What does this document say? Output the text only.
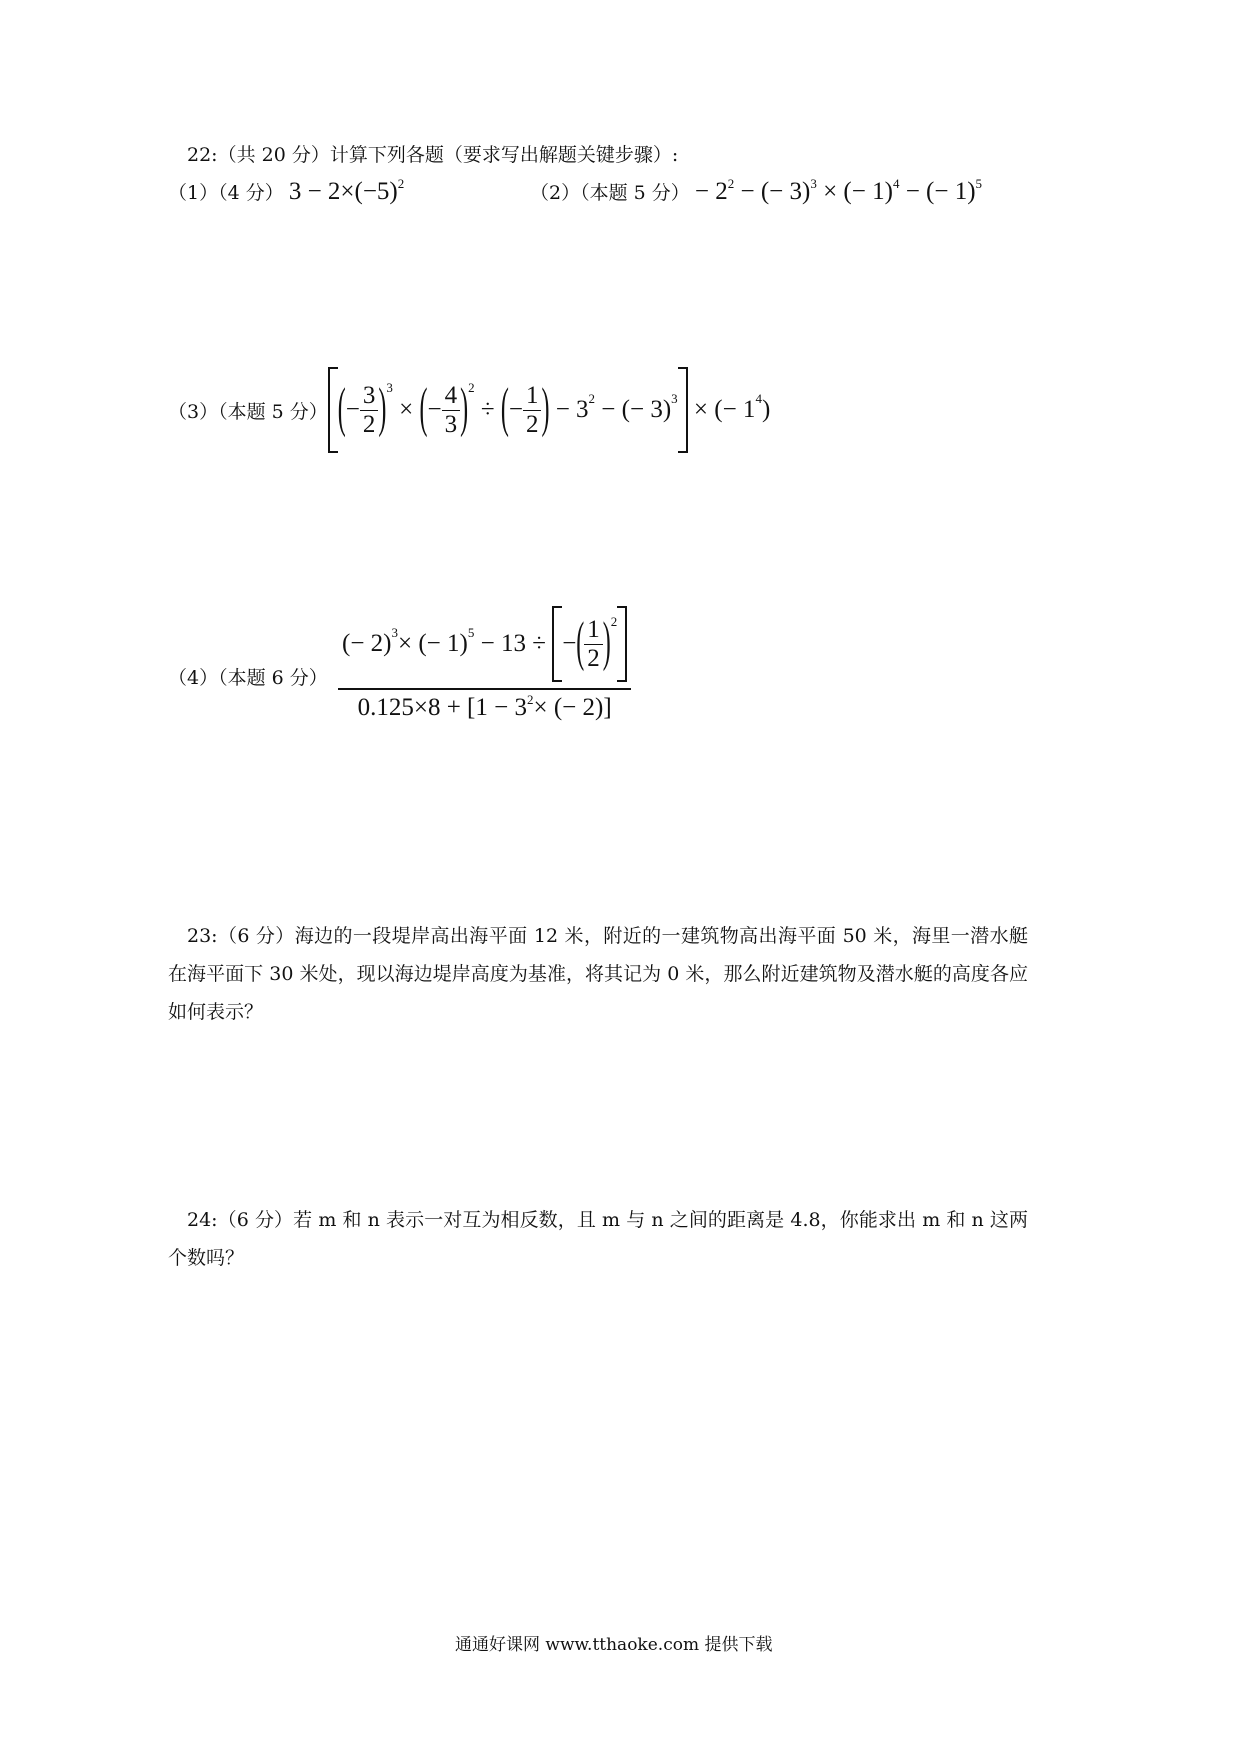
22:（共 20 分）计算下列各题（要求写出解题关键步骤）:
（1）（4 分） $3 - 2\times(-5)^2$	（2）（本题 5 分） − $2^2$ − (− 3)$^3$ × (− 1)$^4$ − (− 1)$^5$
（3）（本题 5 分） ( − $\frac{3}{2} )^3$
× ( − $\frac{4}{3} )^2$
÷ ( − $\frac{1}{2}$ )
− $3^2$
− (− 3)$^3$
× (− $1^4$ )
（4）（本题 6 分） (− 2)$^3$ × (− 1)$^5$
− 13 ÷
− ( $\frac{1}{2} )^2$
$0.125\times 8 + [1 - 3^2\times$ (− 2)]
23:（6 分）海边的一段堤岸高出海平面 12 米，附近的一建筑物高出海平面 50 米，海里一潜水艇在海平面下 30 米处，现以海边堤岸高度为基准，将其记为 0 米，那么附近建筑物及潜水艇的高度各应如何表示？
24:（6 分）若 m 和 n 表示一对互为相反数，且 m 与 n 之间的距离是 4.8，你能求出 m 和 n 这两个数吗？
通通好课网 www.tthaoke.com 提供下载
